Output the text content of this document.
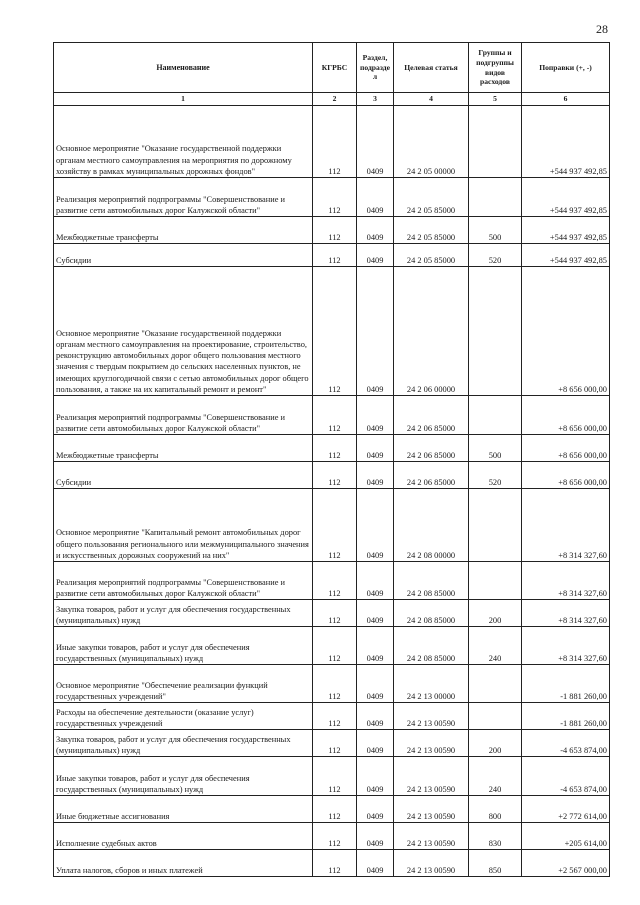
28
Наименование	КГРБС	Раздел, подразде л	Целевая статья	Группы и подгруппы видов расходов	Поправки (+, -)
1	2	3	4	5	6
Основное мероприятие "Оказание государственной поддержки органам местного самоуправления на мероприятия по дорожному хозяйству в рамках муниципальных дорожных фондов"	112	0409	24 2 05 00000		+544 937 492,85
Реализация мероприятий подпрограммы "Совершенствование и развитие сети автомобильных дорог Калужской области"	112	0409	24 2 05 85000		+544 937 492,85
Межбюджетные трансферты	112	0409	24 2 05 85000	500	+544 937 492,85
Субсидии	112	0409	24 2 05 85000	520	+544 937 492,85
Основное мероприятие "Оказание государственной поддержки органам местного самоуправления на проектирование, строительство, реконструкцию автомобильных дорог общего пользования местного значения с твердым покрытием до сельских населенных пунктов, не имеющих круглогодичной связи с сетью автомобильных дорог общего пользования, а также на их капитальный ремонт и ремонт"	112	0409	24 2 06 00000		+8 656 000,00
Реализация мероприятий подпрограммы "Совершенствование и развитие сети автомобильных дорог Калужской области"	112	0409	24 2 06 85000		+8 656 000,00
Межбюджетные трансферты	112	0409	24 2 06 85000	500	+8 656 000,00
Субсидии	112	0409	24 2 06 85000	520	+8 656 000,00
Основное мероприятие "Капитальный ремонт автомобильных дорог общего пользования регионального или межмуниципального значения и искусственных дорожных сооружений на них"	112	0409	24 2 08 00000		+8 314 327,60
Реализация мероприятий подпрограммы "Совершенствование и развитие сети автомобильных дорог Калужской области"	112	0409	24 2 08 85000		+8 314 327,60
Закупка товаров, работ и услуг для обеспечения государственных (муниципальных) нужд	112	0409	24 2 08 85000	200	+8 314 327,60
Иные закупки товаров, работ и услуг для обеспечения государственных (муниципальных) нужд	112	0409	24 2 08 85000	240	+8 314 327,60
Основное мероприятие "Обеспечение реализации функций государственных учреждений"	112	0409	24 2 13 00000		-1 881 260,00
Расходы на обеспечение деятельности (оказание услуг) государственных учреждений	112	0409	24 2 13 00590		-1 881 260,00
Закупка товаров, работ и услуг для обеспечения государственных (муниципальных) нужд	112	0409	24 2 13 00590	200	-4 653 874,00
Иные закупки товаров, работ и услуг для обеспечения государственных (муниципальных) нужд	112	0409	24 2 13 00590	240	-4 653 874,00
Иные бюджетные ассигнования	112	0409	24 2 13 00590	800	+2 772 614,00
Исполнение судебных актов	112	0409	24 2 13 00590	830	+205 614,00
Уплата налогов, сборов и иных платежей	112	0409	24 2 13 00590	850	+2 567 000,00
